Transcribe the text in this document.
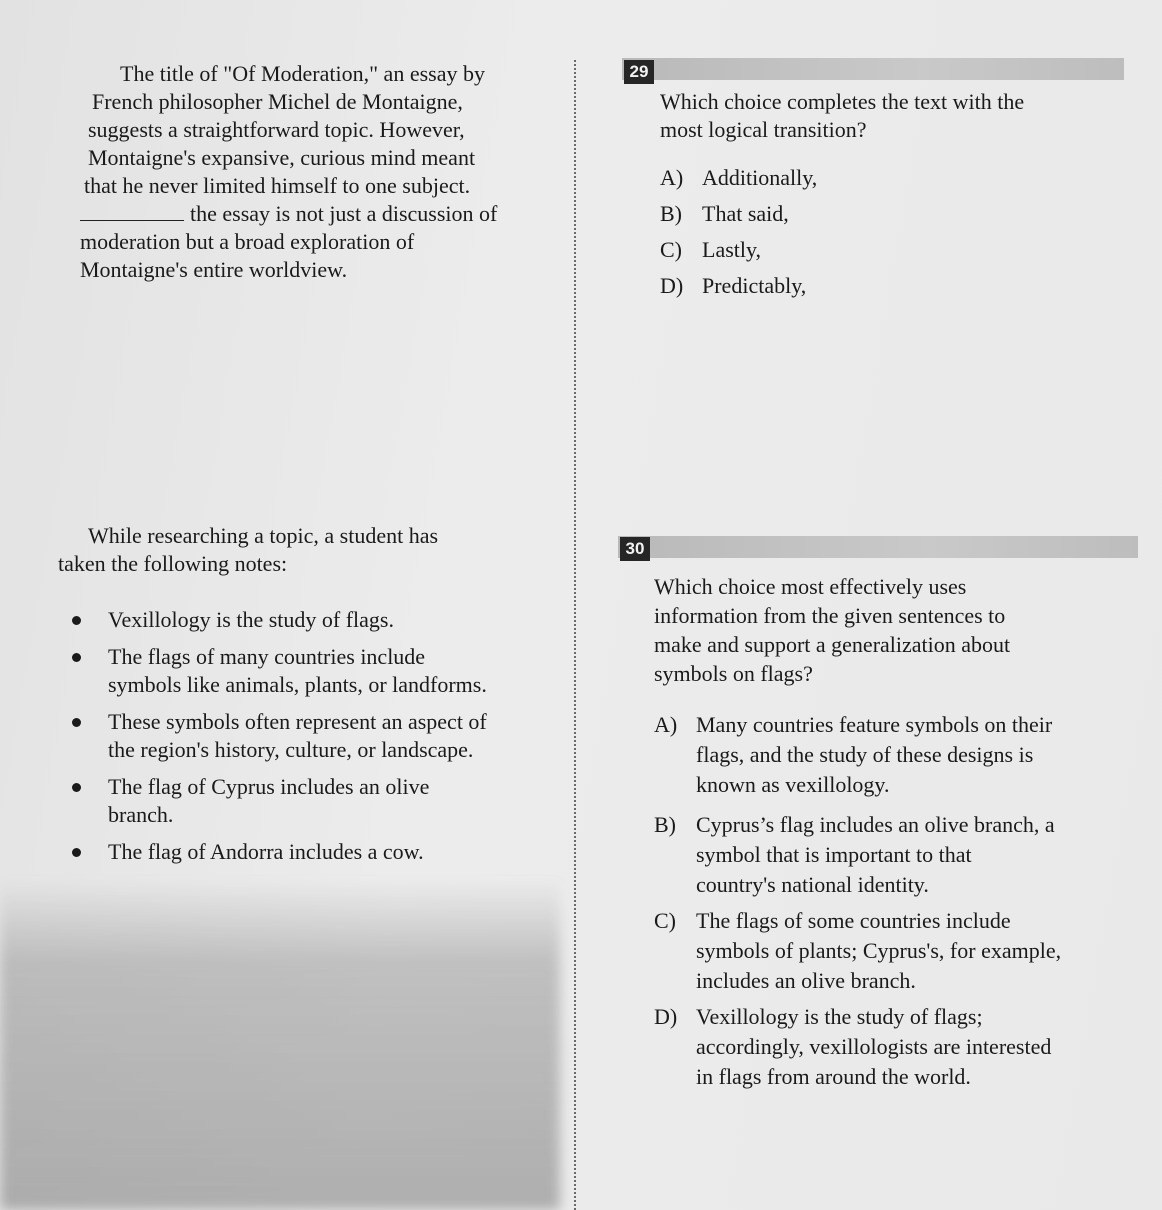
The title of "Of Moderation," an essay by
French philosopher Michel de Montaigne,
suggests a straightforward topic. However,
Montaigne's expansive, curious mind meant
that he never limited himself to one subject.
the essay is not just a discussion of
moderation but a broad exploration of
Montaigne's entire worldview.
29
Which choice completes the text with the
most logical transition?
A) Additionally,
B) That said,
C) Lastly,
D) Predictably,
While researching a topic, a student has
taken the following notes:
Vexillology is the study of flags.
The flags of many countries include
symbols like animals, plants, or landforms.
These symbols often represent an aspect of
the region's history, culture, or landscape.
The flag of Cyprus includes an olive
branch.
The flag of Andorra includes a cow.
30
Which choice most effectively uses
information from the given sentences to
make and support a generalization about
symbols on flags?
A) Many countries feature symbols on their
flags, and the study of these designs is
known as vexillology.
B) Cyprus’s flag includes an olive branch, a
symbol that is important to that
country's national identity.
C) The flags of some countries include
symbols of plants; Cyprus's, for example,
includes an olive branch.
D) Vexillology is the study of flags;
accordingly, vexillologists are interested
in flags from around the world.
